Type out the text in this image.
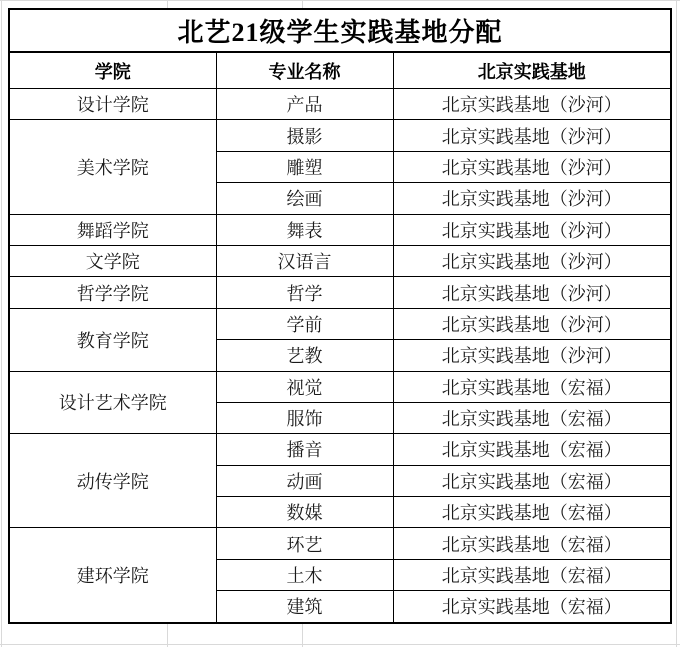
北艺21级学生实践基地分配		
学院	专业名称	北京实践基地
设计学院	产品	北京实践基地（沙河）
美术学院	摄影	北京实践基地（沙河）
	雕塑	北京实践基地（沙河）
	绘画	北京实践基地（沙河）
舞蹈学院	舞表	北京实践基地（沙河）
文学院	汉语言	北京实践基地（沙河）
哲学学院	哲学	北京实践基地（沙河）
教育学院	学前	北京实践基地（沙河）
	艺教	北京实践基地（沙河）
设计艺术学院	视觉	北京实践基地（宏福）
	服饰	北京实践基地（宏福）
动传学院	播音	北京实践基地（宏福）
	动画	北京实践基地（宏福）
	数媒	北京实践基地（宏福）
建环学院	环艺	北京实践基地（宏福）
	土木	北京实践基地（宏福）
	建筑	北京实践基地（宏福）
